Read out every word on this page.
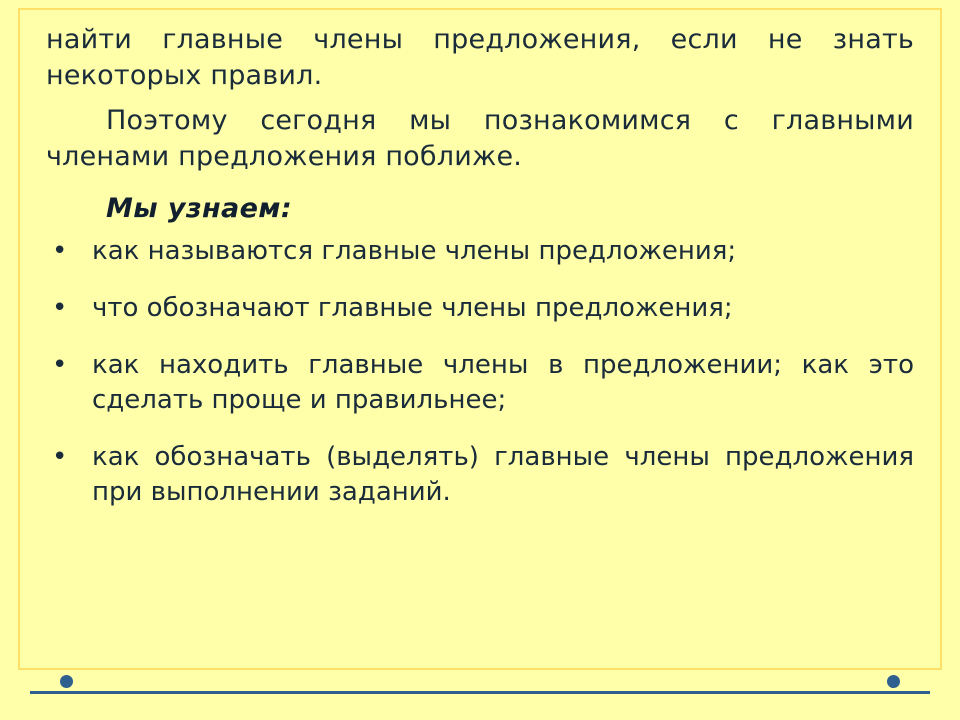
найти главные члены предложения, если не знать некоторых правил.

Поэтому сегодня мы познакомимся с главными членами предложения поближе.

Мы узнаем:

• как называются главные члены предложения;
• что обозначают главные члены предложения;
• как находить главные члены в предложении; как это сделать проще и правильнее;
• как обозначать (выделять) главные члены предложения при выполнении заданий.
